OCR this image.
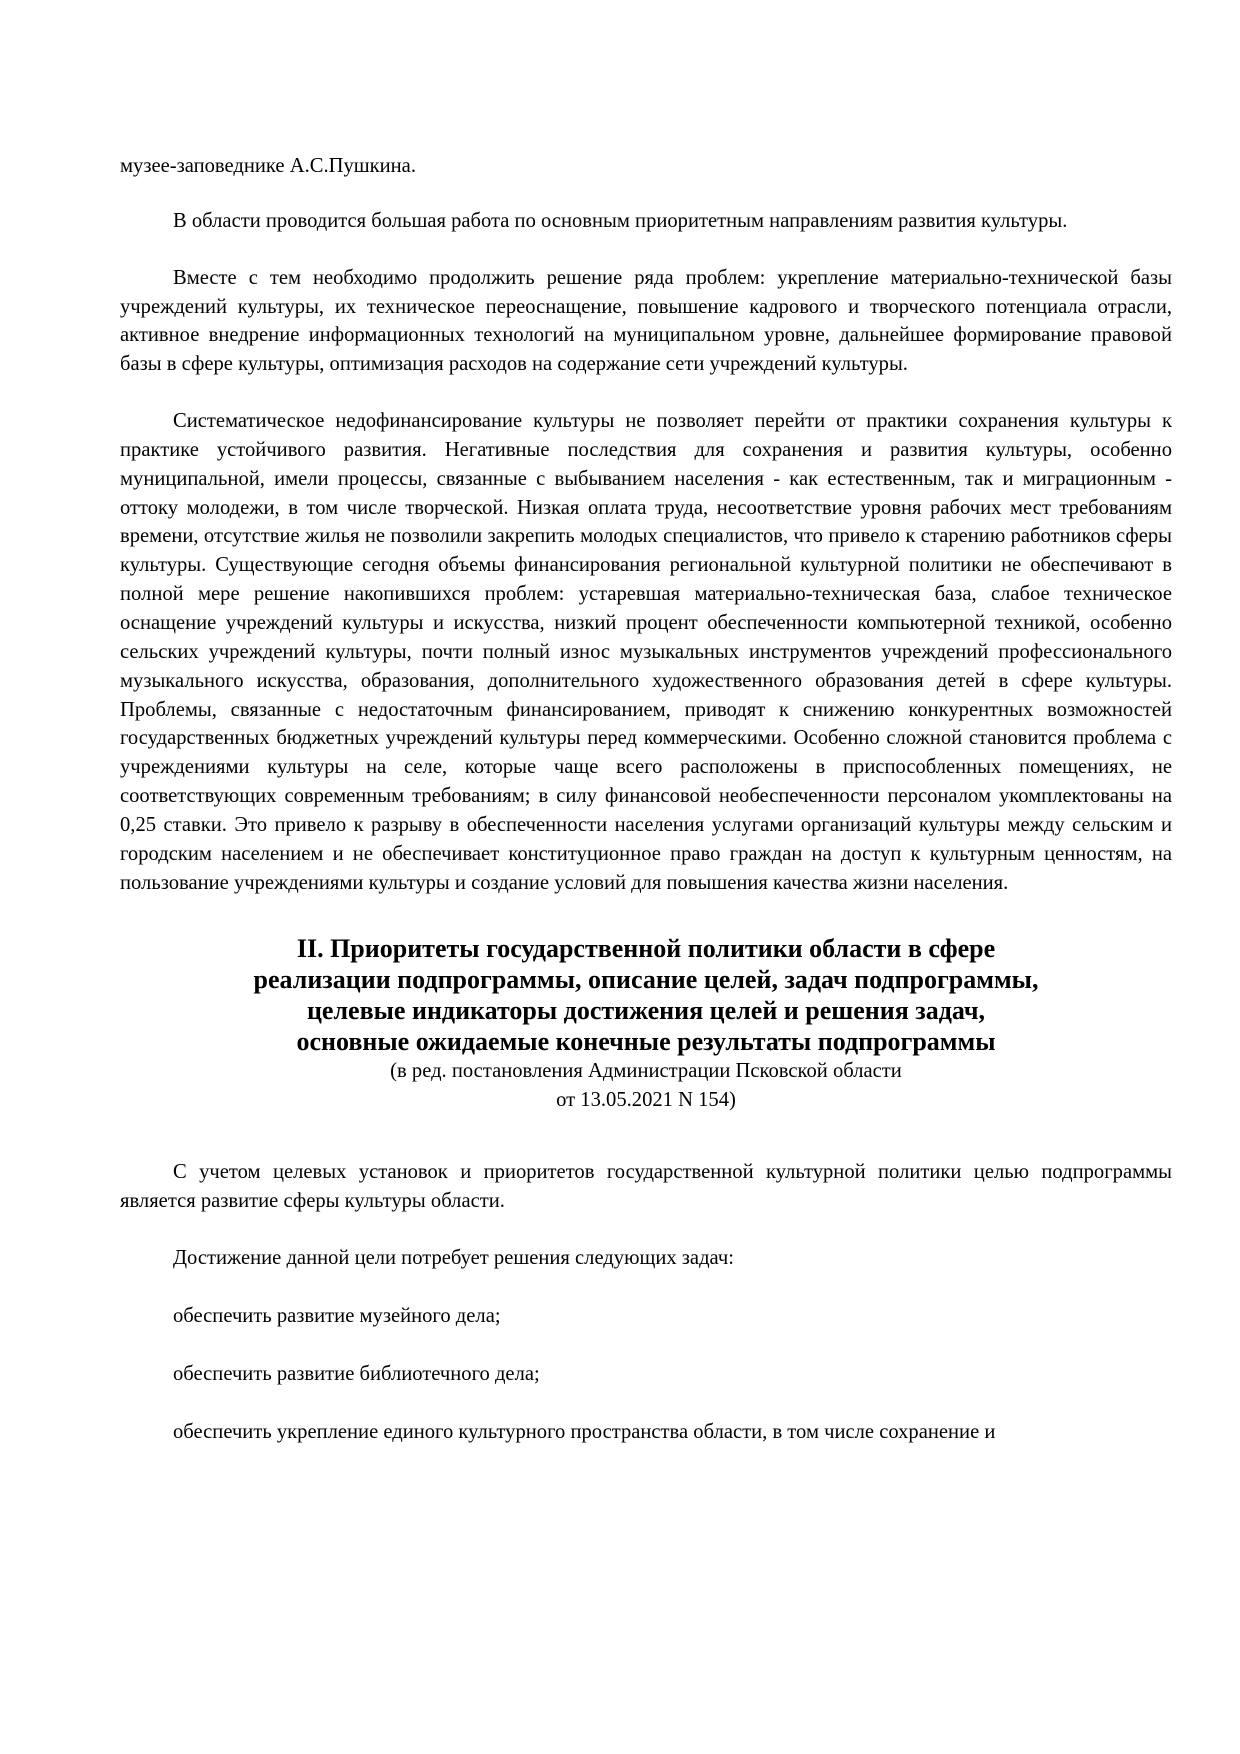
музее-заповеднике А.С.Пушкина.

В области проводится большая работа по основным приоритетным направлениям развития культуры.

Вместе с тем необходимо продолжить решение ряда проблем: укрепление материально-технической базы учреждений культуры, их техническое переоснащение, повышение кадрового и творческого потенциала отрасли, активное внедрение информационных технологий на муниципальном уровне, дальнейшее формирование правовой базы в сфере культуры, оптимизация расходов на содержание сети учреждений культуры.

Систематическое недофинансирование культуры не позволяет перейти от практики сохранения культуры к практике устойчивого развития. Негативные последствия для сохранения и развития культуры, особенно муниципальной, имели процессы, связанные с выбыванием населения - как естественным, так и миграционным - оттоку молодежи, в том числе творческой. Низкая оплата труда, несоответствие уровня рабочих мест требованиям времени, отсутствие жилья не позволили закрепить молодых специалистов, что привело к старению работников сферы культуры. Существующие сегодня объемы финансирования региональной культурной политики не обеспечивают в полной мере решение накопившихся проблем: устаревшая материально-техническая база, слабое техническое оснащение учреждений культуры и искусства, низкий процент обеспеченности компьютерной техникой, особенно сельских учреждений культуры, почти полный износ музыкальных инструментов учреждений профессионального музыкального искусства, образования, дополнительного художественного образования детей в сфере культуры. Проблемы, связанные с недостаточным финансированием, приводят к снижению конкурентных возможностей государственных бюджетных учреждений культуры перед коммерческими. Особенно сложной становится проблема с учреждениями культуры на селе, которые чаще всего расположены в приспособленных помещениях, не соответствующих современным требованиям; в силу финансовой необеспеченности персоналом укомплектованы на 0,25 ставки. Это привело к разрыву в обеспеченности населения услугами организаций культуры между сельским и городским населением и не обеспечивает конституционное право граждан на доступ к культурным ценностям, на пользование учреждениями культуры и создание условий для повышения качества жизни населения.

II. Приоритеты государственной политики области в сфере
реализации подпрограммы, описание целей, задач подпрограммы,
целевые индикаторы достижения целей и решения задач,
основные ожидаемые конечные результаты подпрограммы
(в ред. постановления Администрации Псковской области
от 13.05.2021 N 154)

С учетом целевых установок и приоритетов государственной культурной политики целью подпрограммы является развитие сферы культуры области.

Достижение данной цели потребует решения следующих задач:

обеспечить развитие музейного дела;

обеспечить развитие библиотечного дела;

обеспечить укрепление единого культурного пространства области, в том числе сохранение и
